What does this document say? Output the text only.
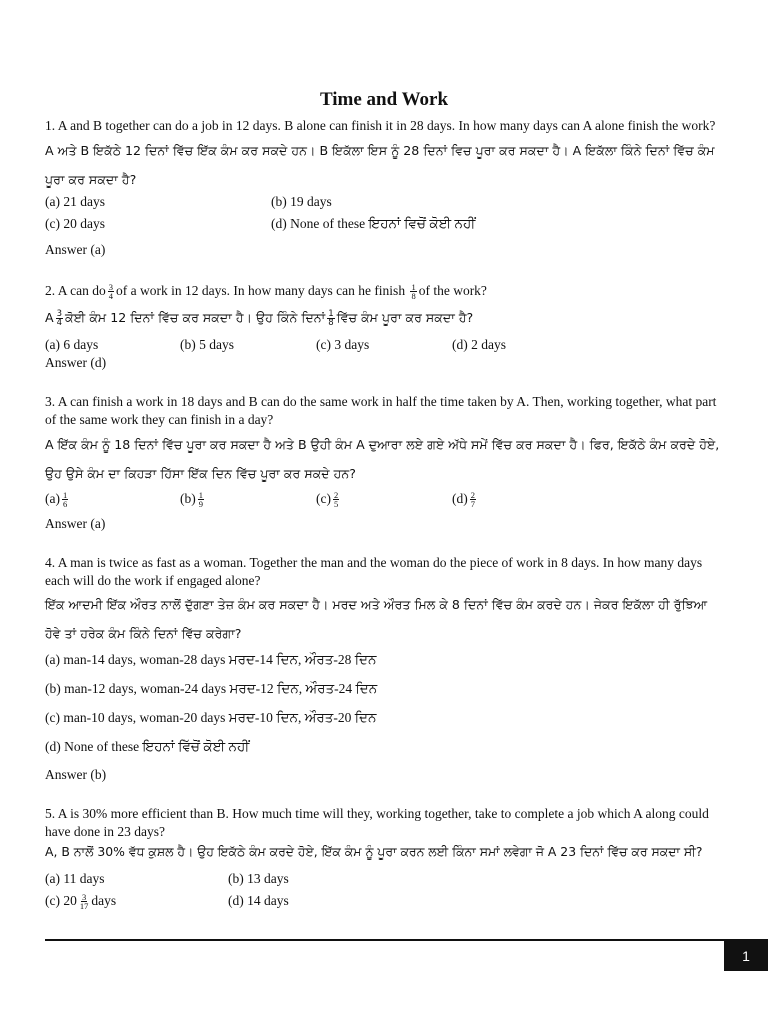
Time and Work
1. A and B together can do a job in 12 days. B alone can finish it in 28 days. In how many days can A alone finish the work?
A ਅਤੇ B ਇਕੱਠੇ 12 ਦਿਨਾਂ ਵਿੱਚ ਇੱਕ ਕੰਮ ਕਰ ਸਕਦੇ ਹਨ। B ਇਕੱਲਾ ਇਸ ਨੂੰ 28 ਦਿਨਾਂ ਵਿਚ ਪੂਰਾ ਕਰ ਸਕਦਾ ਹੈ। A ਇਕੱਲਾ ਕਿੰਨੇ ਦਿਨਾਂ ਵਿੱਚ ਕੰਮ ਪੂਰਾ ਕਰ ਸਕਦਾ ਹੈ?
(a) 21 days	(b) 19 days
(c) 20 days	(d) None of these ਇਹਨਾਂ ਵਿਚੋਂ ਕੋਈ ਨਹੀਂ
Answer (a)
2. A can do $\frac{3}{4}$ of a work in 12 days. In how many days can he finish $\frac{1}{8}$ of the work?
A $\frac{3}{4}$ ਕੋਈ ਕੰਮ 12 ਦਿਨਾਂ ਵਿੱਚ ਕਰ ਸਕਦਾ ਹੈ। ਉਹ ਕਿੰਨੇ ਦਿਨਾਂ $\frac{1}{8}$ ਵਿੱਚ ਕੰਮ ਪੂਰਾ ਕਰ ਸਕਦਾ ਹੈ?
(a) 6 days	(b) 5 days	(c) 3 days	(d) 2 days
Answer (d)
3. A can finish a work in 18 days and B can do the same work in half the time taken by A. Then, working together, what part of the same work they can finish in a day?
A ਇੱਕ ਕੰਮ ਨੂੰ 18 ਦਿਨਾਂ ਵਿੱਚ ਪੂਰਾ ਕਰ ਸਕਦਾ ਹੈ ਅਤੇ B ਉਹੀ ਕੰਮ A ਦੁਆਰਾ ਲਏ ਗਏ ਅੱਧੇ ਸਮੇਂ ਵਿੱਚ ਕਰ ਸਕਦਾ ਹੈ। ਫਿਰ, ਇਕੱਠੇ ਕੰਮ ਕਰਦੇ ਹੋਏ, ਉਹ ਉਸੇ ਕੰਮ ਦਾ ਕਿਹੜਾ ਹਿੱਸਾ ਇੱਕ ਦਿਨ ਵਿੱਚ ਪੂਰਾ ਕਰ ਸਕਦੇ ਹਨ?
$(a) \frac{1}{6}$	$(b) \frac{1}{9}$	$(c) \frac{2}{5}$	$(d) \frac{2}{7}$
Answer (a)
4. A man is twice as fast as a woman. Together the man and the woman do the piece of work in 8 days. In how many days each will do the work if engaged alone?
ਇੱਕ ਆਦਮੀ ਇੱਕ ਔਰਤ ਨਾਲੋਂ ਦੁੱਗਣਾ ਤੇਜ਼ ਕੰਮ ਕਰ ਸਕਦਾ ਹੈ। ਮਰਦ ਅਤੇ ਔਰਤ ਮਿਲ ਕੇ 8 ਦਿਨਾਂ ਵਿੱਚ ਕੰਮ ਕਰਦੇ ਹਨ। ਜੇਕਰ ਇਕੱਲਾ ਹੀ ਰੁੱਝਿਆ ਹੋਵੇ ਤਾਂ ਹਰੇਕ ਕੰਮ ਕਿੰਨੇ ਦਿਨਾਂ ਵਿੱਚ ਕਰੇਗਾ?
(a) man-14 days, woman-28 days ਮਰਦ-14 ਦਿਨ, ਔਰਤ-28 ਦਿਨ
(b) man-12 days, woman-24 days ਮਰਦ-12 ਦਿਨ, ਔਰਤ-24 ਦਿਨ
(c) man-10 days, woman-20 days ਮਰਦ-10 ਦਿਨ, ਔਰਤ-20 ਦਿਨ
(d) None of these ਇਹਨਾਂ ਵਿੱਚੋਂ ਕੋਈ ਨਹੀਂ
Answer (b)
5. A is 30% more efficient than B. How much time will they, working together, take to complete a job which A along could have done in 23 days?
A, B ਨਾਲੋਂ 30% ਵੱਧ ਕੁਸ਼ਲ ਹੈ। ਉਹ ਇਕੱਠੇ ਕੰਮ ਕਰਦੇ ਹੋਏ, ਇੱਕ ਕੰਮ ਨੂੰ ਪੂਰਾ ਕਰਨ ਲਈ ਕਿੰਨਾ ਸਮਾਂ ਲਵੇਗਾ ਜੋ A 23 ਦਿਨਾਂ ਵਿੱਚ ਕਰ ਸਕਦਾ ਸੀ?
(a) 11 days	(b) 13 days
(c) $20 \frac{3}{17}$ days	(d) 14 days
1
